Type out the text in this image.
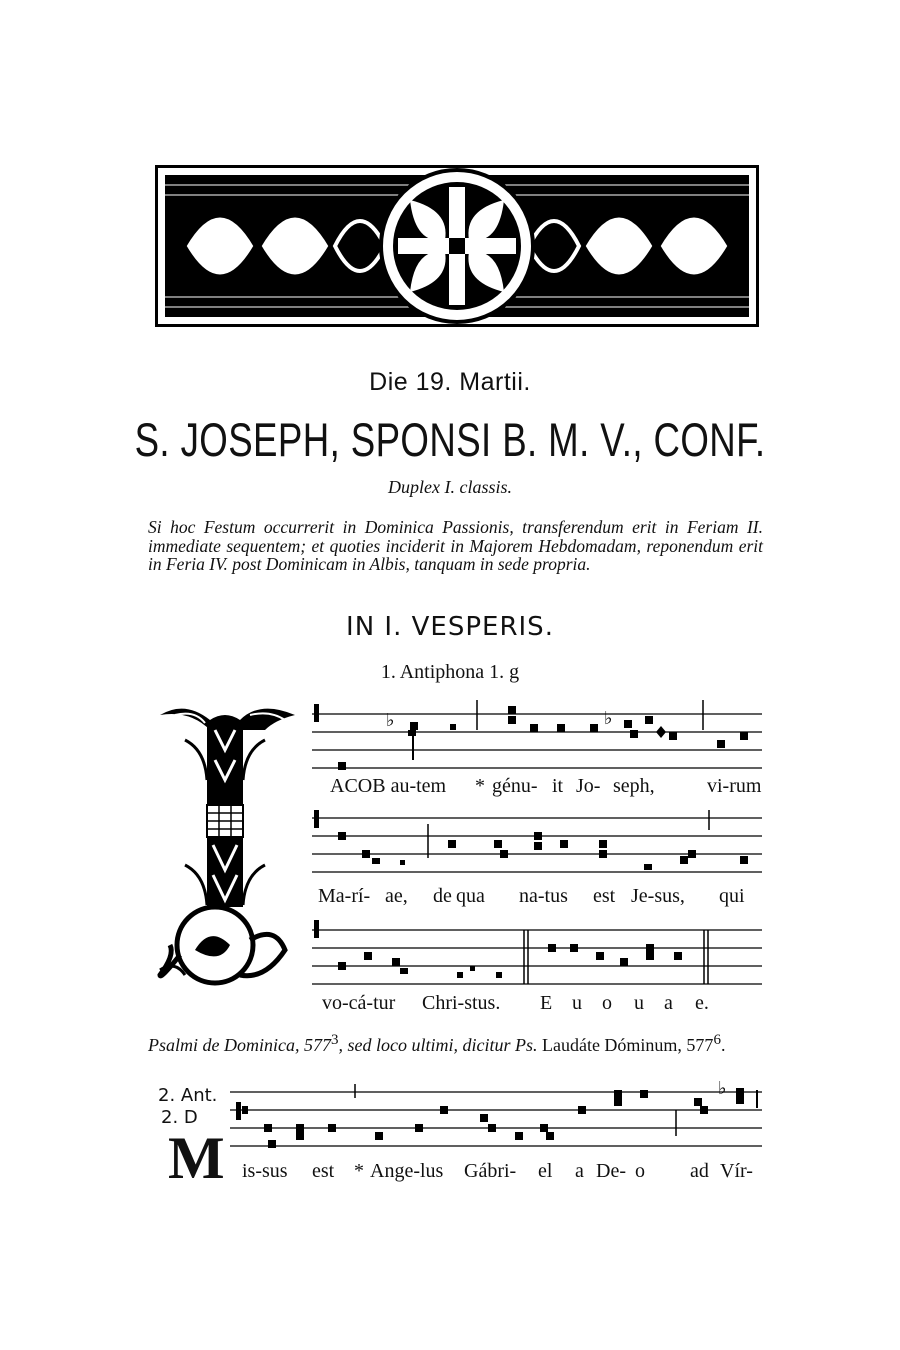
Die 19. Martii.
S. JOSEPH, SPONSI B. M. V., CONF.
Duplex I. classis.
Si hoc Festum occurrerit in Dominica Passionis, transferendum erit in Feriam II. immediate sequentem; et quoties inciderit in Majorem Hebdomadam, reponendum erit in Feria IV. post Dominicam in Albis, tanquam in sede propria.
IN I. VESPERIS.
1. Antiphona 1. g
♭	♭
ACOB au-tem * génu- it Jo- seph,	vi-rum
Ma-rí- ae, de qua na-tus est Je-sus, qui
vo-cá-tur Chri-stus. E u o u a e.
Psalmi de Dominica, $577^3$, sed loco ultimi, dicitur Ps. Laudáte Dóminum, $577^6$.
2. Ant.
2. D
♭
M is-sus est * Ange-lus Gábri- el a De- o ad Vír-
